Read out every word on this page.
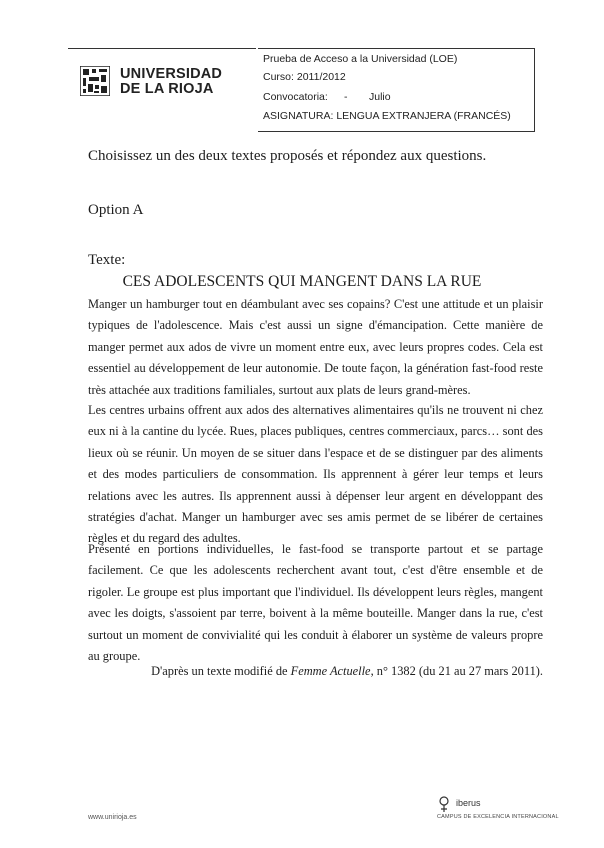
UNIVERSIDAD
DE LA RIOJA
Prueba de Acceso a la Universidad (LOE)
Curso: 2011/2012
Convocatoria: - Julio
ASIGNATURA: LENGUA EXTRANJERA (FRANCÉS)
Choisissez un des deux textes proposés et répondez aux questions.
Option A
Texte:
CES ADOLESCENTS QUI MANGENT DANS LA RUE
Manger un hamburger tout en déambulant avec ses copains? C'est une attitude et un plaisir typiques de l'adolescence. Mais c'est aussi un signe d'émancipation. Cette manière de manger permet aux ados de vivre un moment entre eux, avec leurs propres codes. Cela est essentiel au développement de leur autonomie. De toute façon, la génération fast-food reste très attachée aux traditions familiales, surtout aux plats de leurs grand-mères.
Les centres urbains offrent aux ados des alternatives alimentaires qu'ils ne trouvent ni chez eux ni à la cantine du lycée. Rues, places publiques, centres commerciaux, parcs… sont des lieux où se réunir. Un moyen de se situer dans l'espace et de se distinguer par des aliments et des modes particuliers de consommation. Ils apprennent à gérer leur temps et leurs relations avec les autres. Ils apprennent aussi à dépenser leur argent en développant des stratégies d'achat. Manger un hamburger avec ses amis permet de se libérer de certaines règles et du regard des adultes.
Présenté en portions individuelles, le fast-food se transporte partout et se partage facilement. Ce que les adolescents recherchent avant tout, c'est d'être ensemble et de rigoler. Le groupe est plus important que l'individuel. Ils développent leurs règles, mangent avec les doigts, s'assoient par terre, boivent à la même bouteille. Manger dans la rue, c'est surtout un moment de convivialité qui les conduit à élaborer un système de valeurs propre au groupe.
D'après un texte modifié de Femme Actuelle, n° 1382 (du 21 au 27 mars 2011).
www.unirioja.es
iberus
CAMPUS DE EXCELENCIA INTERNACIONAL
